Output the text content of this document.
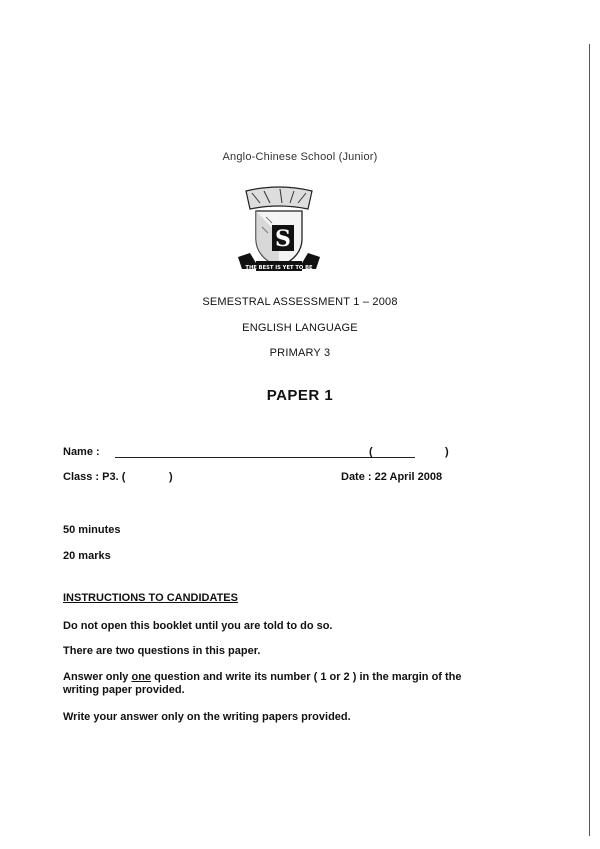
Anglo-Chinese School (Junior)
S
THE BEST IS YET TO BE
SEMESTRAL ASSESSMENT 1 – 2008
ENGLISH LANGUAGE
PRIMARY 3
PAPER 1
Name :	(	)
Class : P3. (	)	Date : 22 April 2008
50 minutes
20 marks
INSTRUCTIONS TO CANDIDATES
Do not open this booklet until you are told to do so.
There are two questions in this paper.
Answer only one question and write its number ( 1 or 2 ) in the margin of the writing paper provided.
Write your answer only on the writing papers provided.
